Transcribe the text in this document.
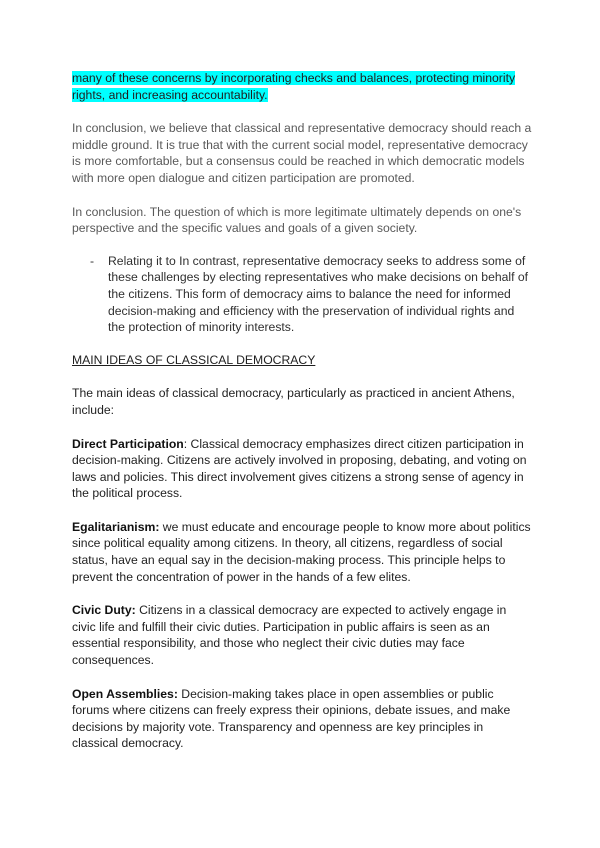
many of these concerns by incorporating checks and balances, protecting minority rights, and increasing accountability.

In conclusion, we believe that classical and representative democracy should reach a middle ground. It is true that with the current social model, representative democracy is more comfortable, but a consensus could be reached in which democratic models with more open dialogue and citizen participation are promoted.

In conclusion. The question of which is more legitimate ultimately depends on one's perspective and the specific values and goals of a given society.

-	Relating it to In contrast, representative democracy seeks to address some of these challenges by electing representatives who make decisions on behalf of the citizens. This form of democracy aims to balance the need for informed decision-making and efficiency with the preservation of individual rights and the protection of minority interests.

MAIN IDEAS OF CLASSICAL DEMOCRACY

The main ideas of classical democracy, particularly as practiced in ancient Athens, include:

Direct Participation: Classical democracy emphasizes direct citizen participation in decision-making. Citizens are actively involved in proposing, debating, and voting on laws and policies. This direct involvement gives citizens a strong sense of agency in the political process.

Egalitarianism: we must educate and encourage people to know more about politics since political equality among citizens. In theory, all citizens, regardless of social status, have an equal say in the decision-making process. This principle helps to prevent the concentration of power in the hands of a few elites.

Civic Duty: Citizens in a classical democracy are expected to actively engage in civic life and fulfill their civic duties. Participation in public affairs is seen as an essential responsibility, and those who neglect their civic duties may face consequences.

Open Assemblies: Decision-making takes place in open assemblies or public forums where citizens can freely express their opinions, debate issues, and make decisions by majority vote. Transparency and openness are key principles in classical democracy.
